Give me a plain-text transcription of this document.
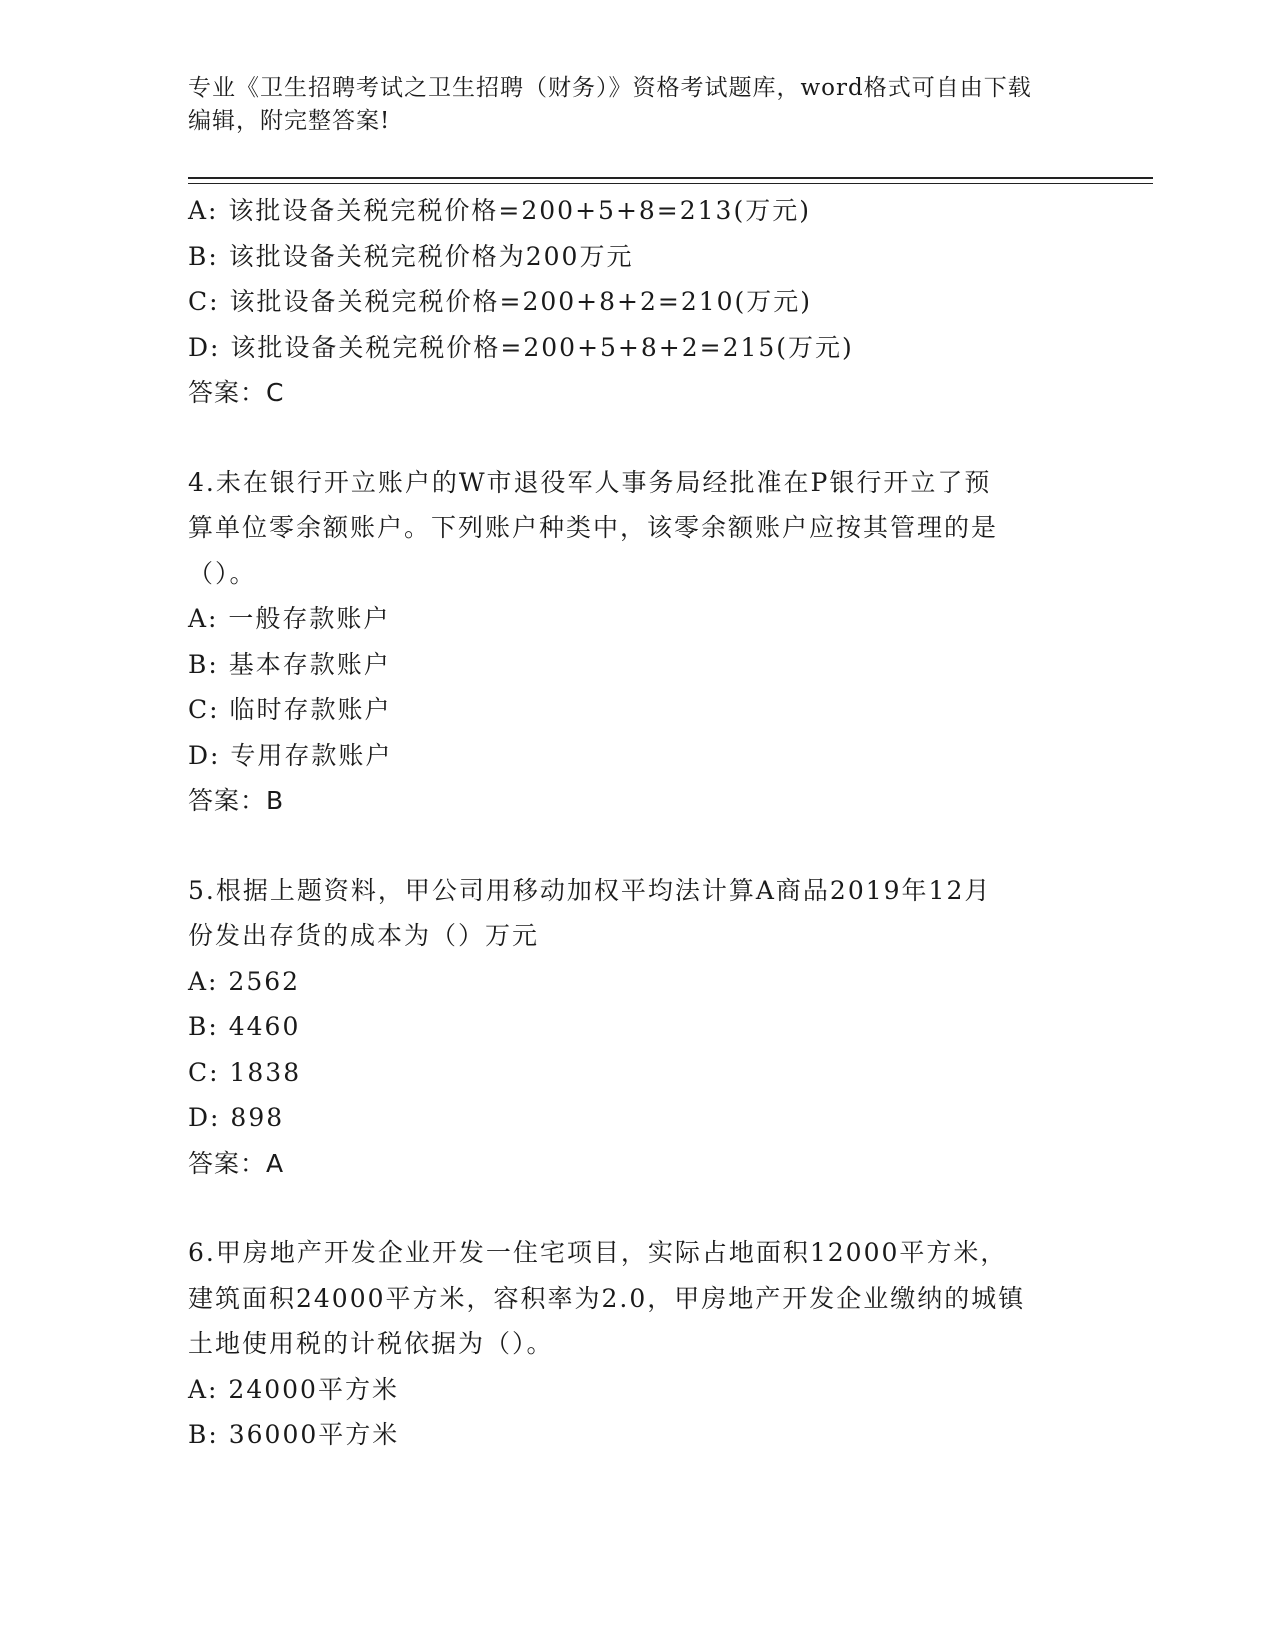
专业《卫生招聘考试之卫生招聘（财务）》资格考试题库，word格式可自由下载
编辑，附完整答案!
A: 该批设备关税完税价格=200+5+8=213(万元)
B: 该批设备关税完税价格为200万元
C: 该批设备关税完税价格=200+8+2=210(万元)
D: 该批设备关税完税价格=200+5+8+2=215(万元)
答案：C
4.未在银行开立账户的W市退役军人事务局经批准在P银行开立了预
算单位零余额账户。下列账户种类中，该零余额账户应按其管理的是
（）。
A: 一般存款账户
B: 基本存款账户
C: 临时存款账户
D: 专用存款账户
答案：B
5.根据上题资料，甲公司用移动加权平均法计算A商品2019年12月
份发出存货的成本为（）万元
A: 2562
B: 4460
C: 1838
D: 898
答案：A
6.甲房地产开发企业开发一住宅项目，实际占地面积12000平方米，
建筑面积24000平方米，容积率为2.0，甲房地产开发企业缴纳的城镇
土地使用税的计税依据为（）。
A: 24000平方米
B: 36000平方米
